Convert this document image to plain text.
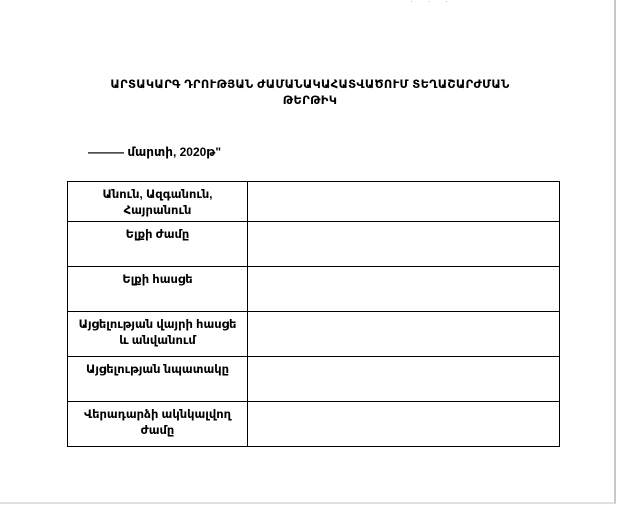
· · ·
ԱՐՏԱԿԱՐԳ ԴՐՈՒԹՅԱՆ ԺԱՄԱՆԱԿԱՀԱՏՎԱԾՈՒՄ ՏԵՂԱՇԱՐԺՄԱՆ ԹԵՐԹԻԿ
——— մարտի, 2020թ"
Անուն, Ազգանուն, Հայրանուն	
Ելքի ժամը	
Ելքի հասցե	
Այցելության վայրի հասցե և անվանում	
Այցելության նպատակը	
Վերադարձի ակնկալվող ժամը	
